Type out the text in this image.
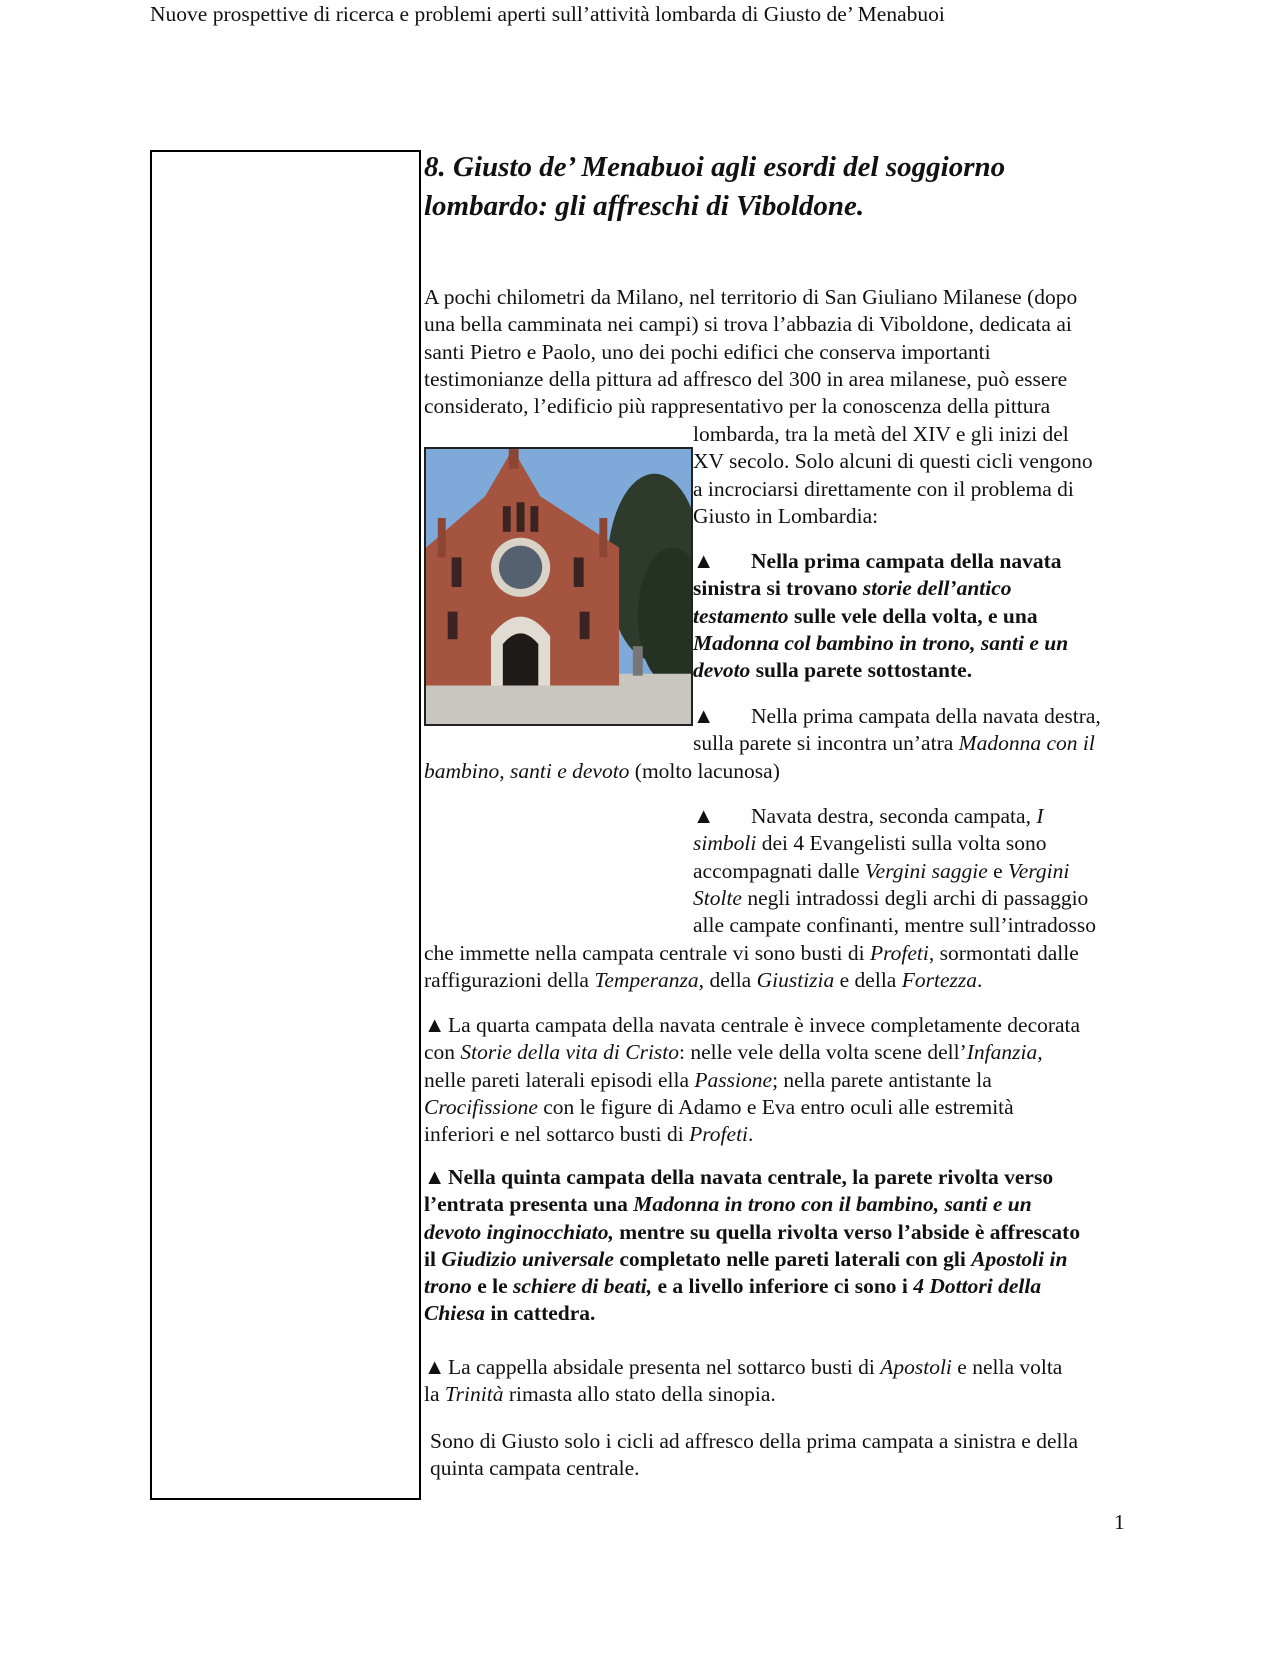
Nuove prospettive di ricerca e problemi aperti sull’attività lombarda di Giusto de’ Menabuoi
8. Giusto de’ Menabuoi agli esordi del soggiorno
lombardo: gli affreschi di Viboldone.
A pochi chilometri da Milano, nel territorio di San Giuliano Milanese (dopo
una bella camminata nei campi) si trova l’abbazia di Viboldone, dedicata ai
santi Pietro e Paolo, uno dei pochi edifici che conserva importanti
testimonianze della pittura ad affresco del 300 in area milanese, può essere
considerato, l’edificio più rappresentativo per la conoscenza della pittura
lombarda, tra la metà del XIV e gli inizi del
XV secolo. Solo alcuni di questi cicli vengono
a incrociarsi direttamente con il problema di
Giusto in Lombardia:
▲ Nella prima campata della navata
sinistra si trovano storie dell’antico
testamento sulle vele della volta, e una
Madonna col bambino in trono, santi e un
devoto sulla parete sottostante.
▲ Nella prima campata della navata destra,
sulla parete si incontra un’atra Madonna con il
bambino, santi e devoto (molto lacunosa)
▲ Navata destra, seconda campata, I
simboli dei 4 Evangelisti sulla volta sono
accompagnati dalle Vergini saggie e Vergini
Stolte negli intradossi degli archi di passaggio
alle campate confinanti, mentre sull’intradosso
che immette nella campata centrale vi sono busti di Profeti, sormontati dalle
raffigurazioni della Temperanza, della Giustizia e della Fortezza.
▲ La quarta campata della navata centrale è invece completamente decorata
con Storie della vita di Cristo: nelle vele della volta scene dell’Infanzia,
nelle pareti laterali episodi ella Passione; nella parete antistante la
Crocifissione con le figure di Adamo e Eva entro oculi alle estremità
inferiori e nel sottarco busti di Profeti.
▲ Nella quinta campata della navata centrale, la parete rivolta verso
l’entrata presenta una Madonna in trono con il bambino, santi e un
devoto inginocchiato, mentre su quella rivolta verso l’abside è affrescato
il Giudizio universale completato nelle pareti laterali con gli Apostoli in
trono e le schiere di beati, e a livello inferiore ci sono i 4 Dottori della
Chiesa in cattedra.
▲ La cappella absidale presenta nel sottarco busti di Apostoli e nella volta
la Trinità rimasta allo stato della sinopia.
Sono di Giusto solo i cicli ad affresco della prima campata a sinistra e della
quinta campata centrale.
1
